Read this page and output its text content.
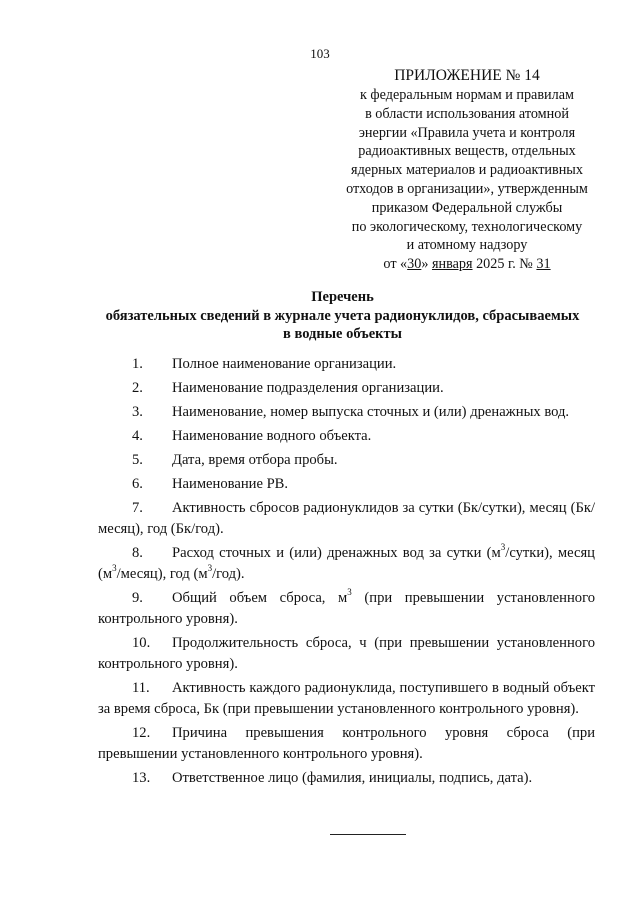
103
ПРИЛОЖЕНИЕ № 14
к федеральным нормам и правилам
в области использования атомной
энергии «Правила учета и контроля
радиоактивных веществ, отдельных
ядерных материалов и радиоактивных
отходов в организации», утвержденным
приказом Федеральной службы
по экологическому, технологическому
и атомному надзору
от «30» января 2025 г. № 31
Перечень
обязательных сведений в журнале учета радионуклидов, сбрасываемых
в водные объекты

1. Полное наименование организации.

2. Наименование подразделения организации.

3. Наименование, номер выпуска сточных и (или) дренажных вод.

4. Наименование водного объекта.

5. Дата, время отбора пробы.

6. Наименование РВ.

7. Активность сбросов радионуклидов за сутки (Бк/сутки), месяц (Бк/месяц), год (Бк/год).

8. Расход сточных и (или) дренажных вод за сутки $(м^3/сутки)$, месяц $(м^3/месяц)$, год $(м^3/год)$.

9. Общий объем сброса, $м^3$ (при превышении установленного контрольного уровня).

10. Продолжительность сброса, ч (при превышении установленного контрольного уровня).

11. Активность каждого радионуклида, поступившего в водный объект за время сброса, Бк (при превышении установленного контрольного уровня).

12. Причина превышения контрольного уровня сброса (при превышении установленного контрольного уровня).

13. Ответственное лицо (фамилия, инициалы, подпись, дата).
